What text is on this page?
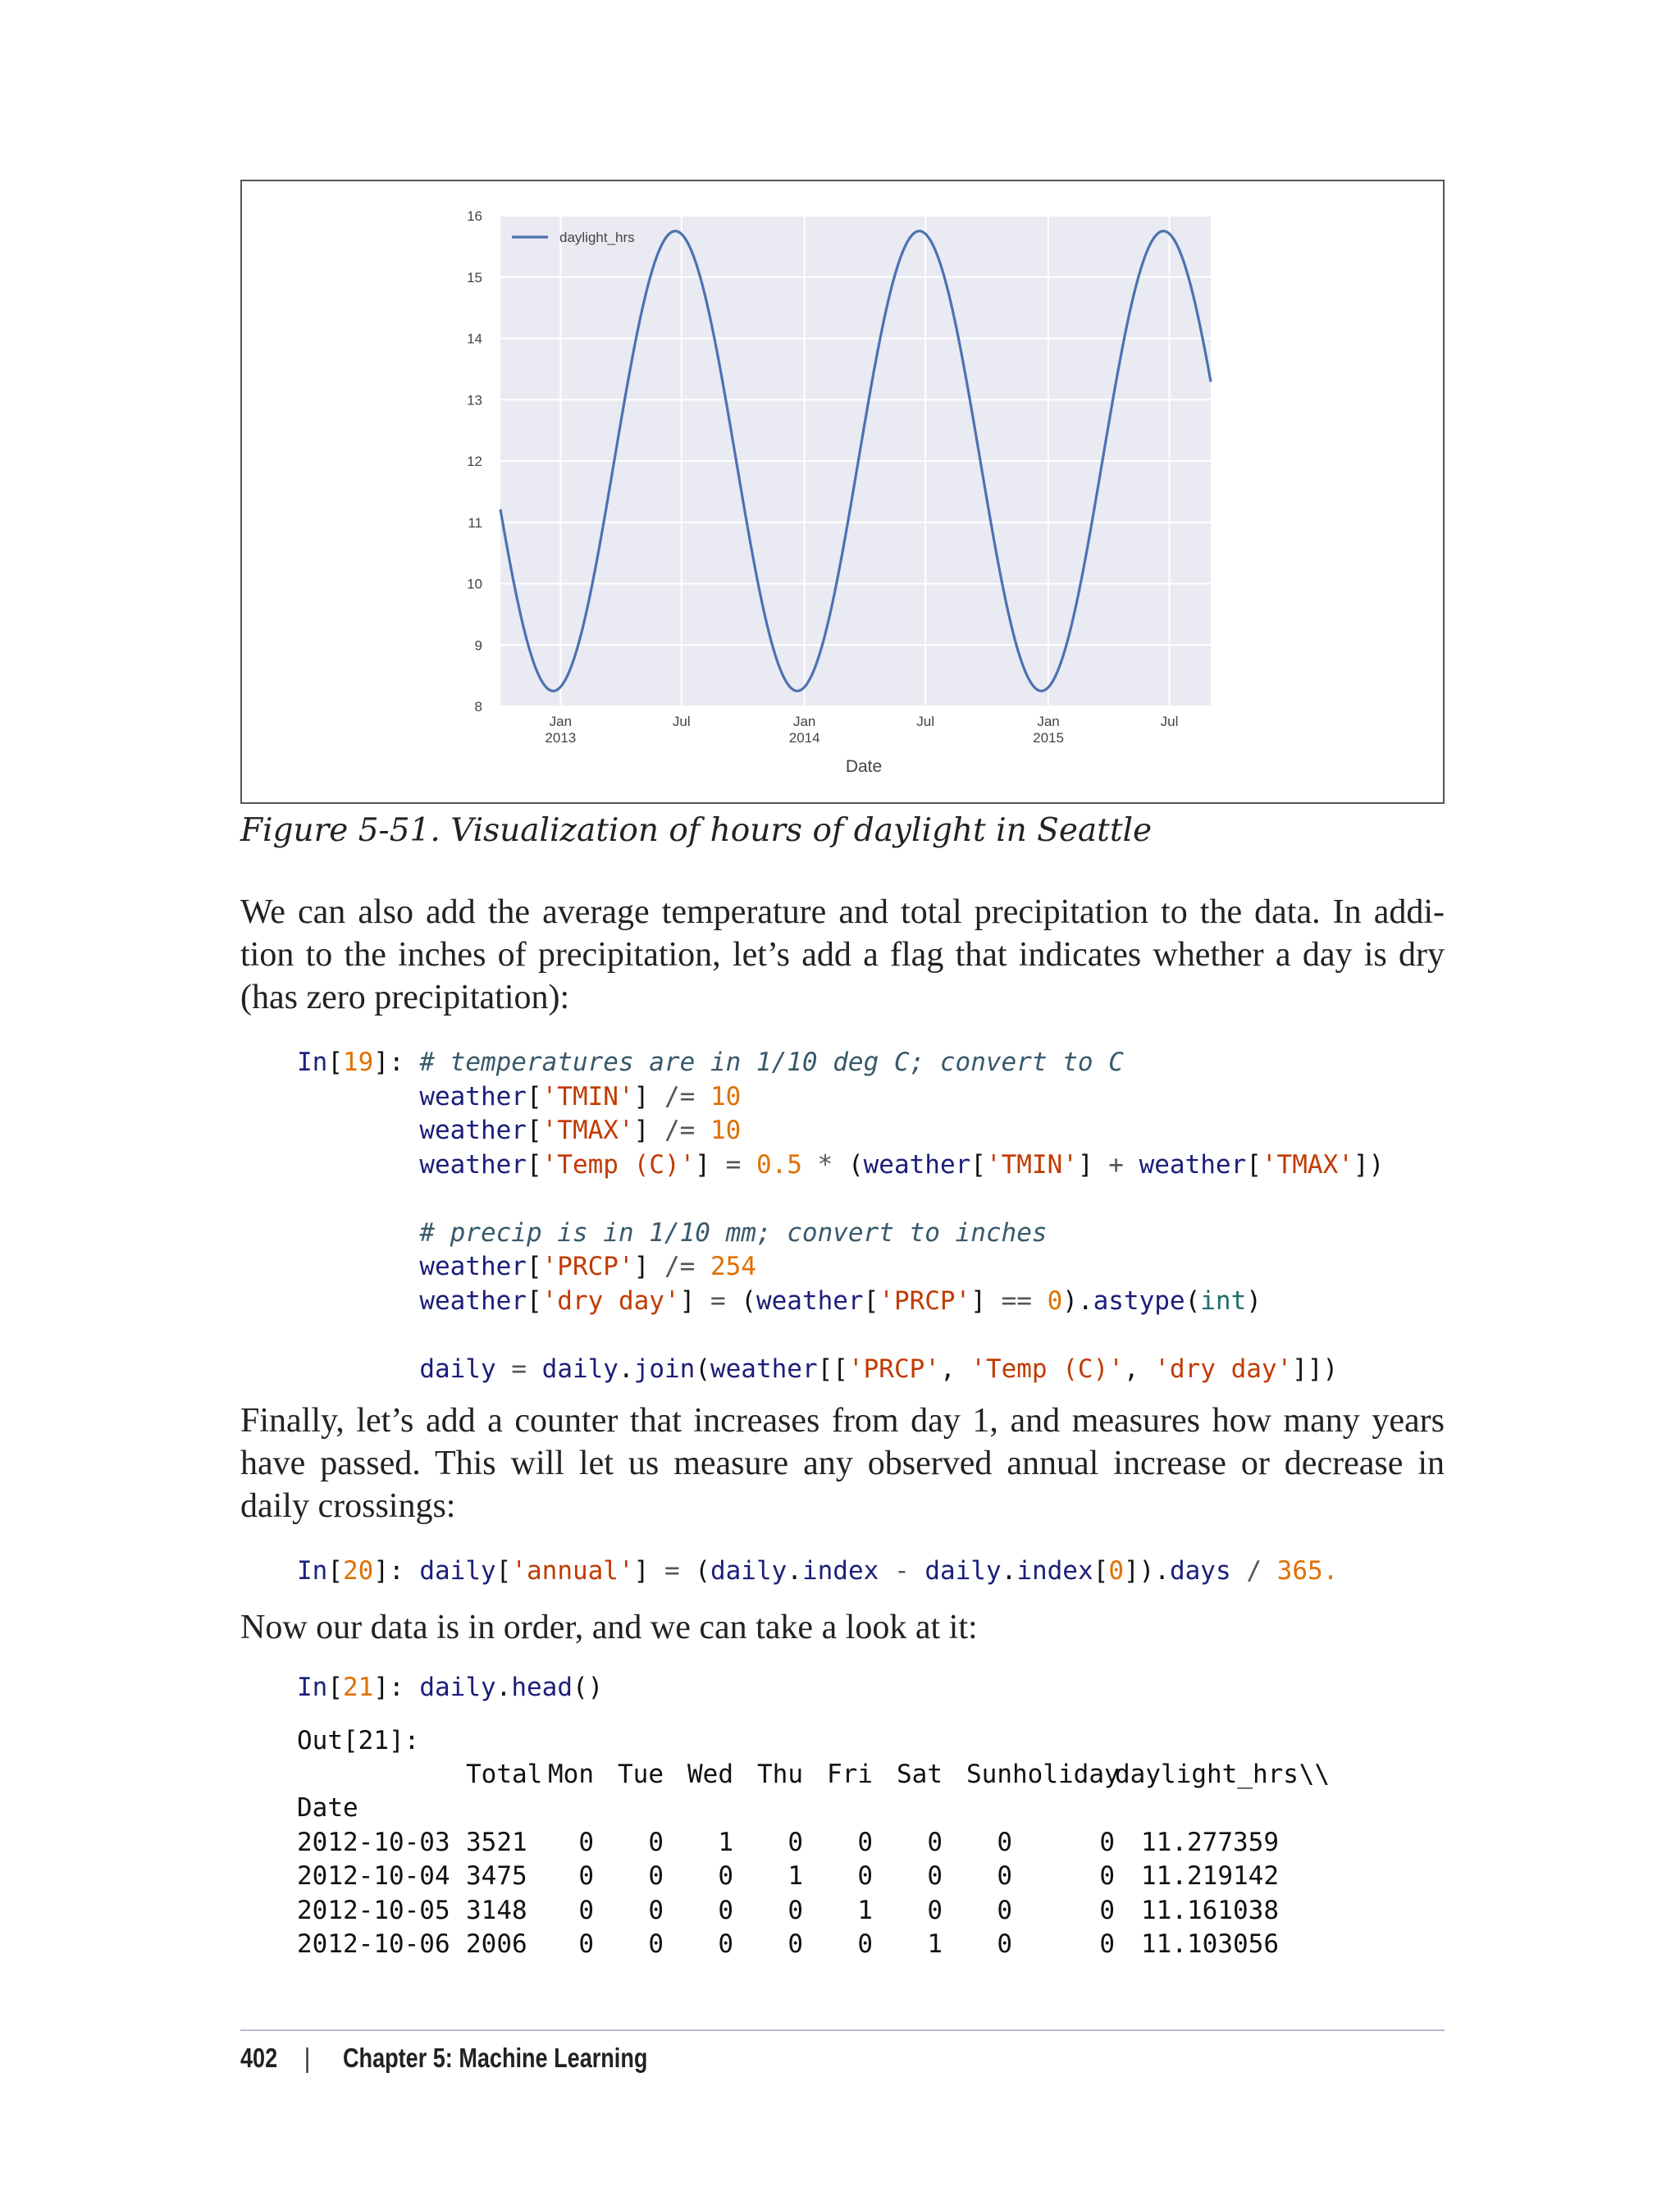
8
9
10
11
12
13
14
15
16
Jan
2013
Jul	Jan
2014
Jul	Jan
2015
Jul
Date
daylight_hrs
Figure 5-51. Visualization of hours of daylight in Seattle
We can also add the average temperature and total precipitation to the data. In addi-
tion to the inches of precipitation, let’s add a flag that indicates whether a day is dry
(has zero precipitation):
In[19]: # temperatures are in 1/10 deg C; convert to C
weather['TMIN'] /= 10
weather['TMAX'] /= 10
weather['Temp (C)'] = 0.5 * (weather['TMIN'] + weather['TMAX'])

# precip is in 1/10 mm; convert to inches
weather['PRCP'] /= 254
weather['dry day'] = (weather['PRCP'] == 0).astype(int)

daily = daily.join(weather[['PRCP', 'Temp (C)', 'dry day']])
Finally, let’s add a counter that increases from day 1, and measures how many years
have passed. This will let us measure any observed annual increase or decrease in
daily crossings:
In[20]: daily['annual'] = (daily.index - daily.index[0]).days / 365.
Now our data is in order, and we can take a look at it:
In[21]: daily.head()
Out[21]:
	Total	Mon	Tue	Wed	Thu	Fri	Sat	Sun	holiday	daylight_hrs	\\
Date											
2012-10-03	3521	0	0	1	0	0	0	0	0	11.277359	
2012-10-04	3475	0	0	0	1	0	0	0	0	11.219142	
2012-10-05	3148	0	0	0	0	1	0	0	0	11.161038	
2012-10-06	2006	0	0	0	0	0	1	0	0	11.103056	
402 | Chapter 5: Machine Learning
